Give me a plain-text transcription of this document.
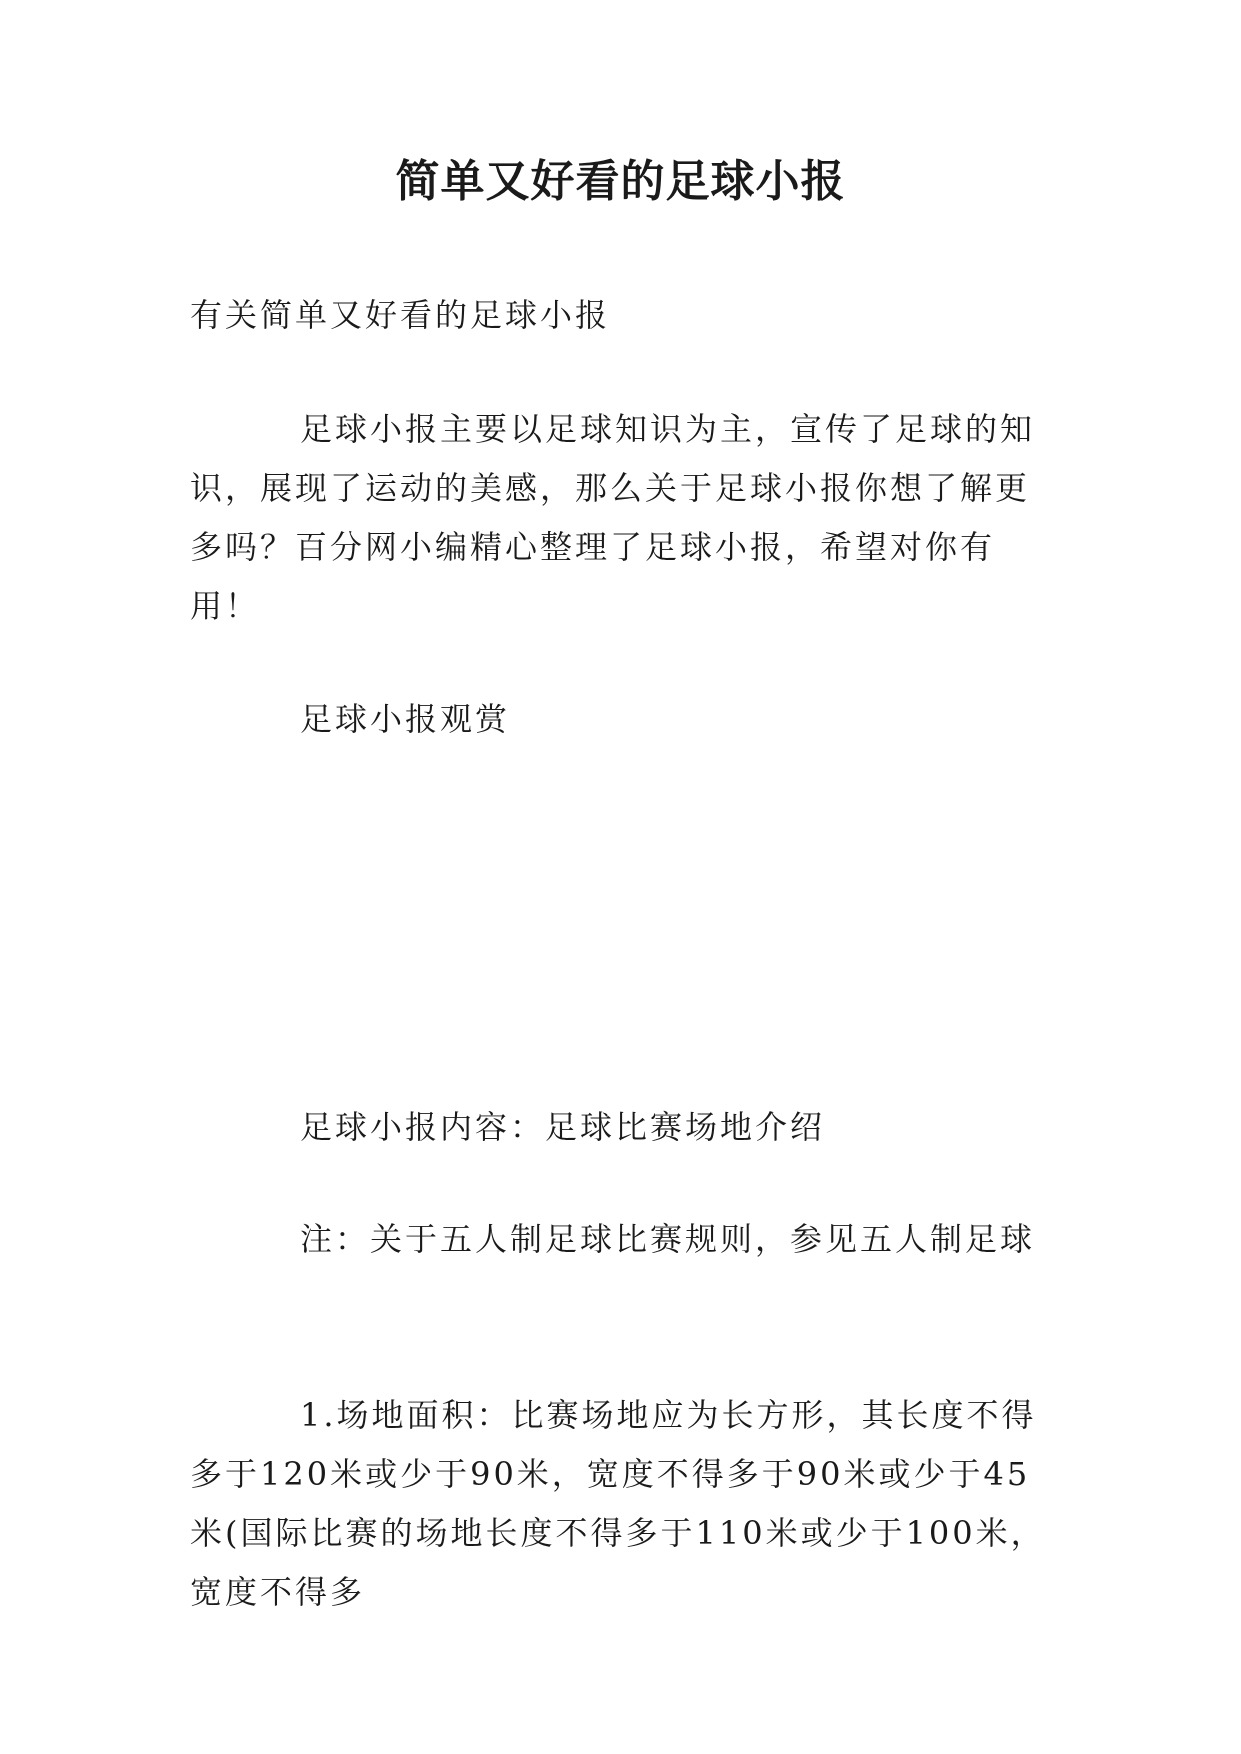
简单又好看的足球小报
有关简单又好看的足球小报
足球小报主要以足球知识为主，宣传了足球的知识，展现了运动的美感，那么关于足球小报你想了解更多吗？百分网小编精心整理了足球小报，希望对你有用！
足球小报观赏
足球小报内容：足球比赛场地介绍
注：关于五人制足球比赛规则，参见五人制足球
1.场地面积：比赛场地应为长方形，其长度不得多于120米或少于90米，宽度不得多于90米或少于45米(国际比赛的场地长度不得多于110米或少于100米，宽度不得多
